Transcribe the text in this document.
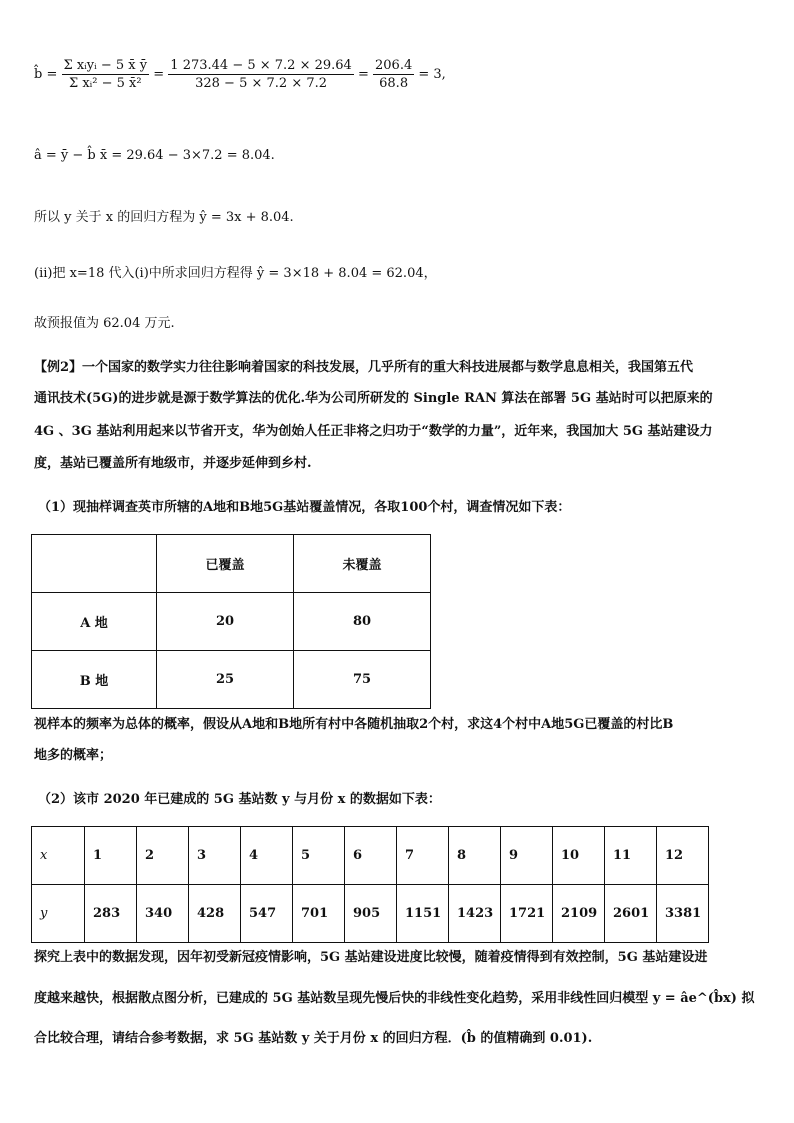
b̂ = $\frac{\text{Σ xᵢyᵢ − 5 x̄ ȳ}}{\text{Σ xᵢ² − 5 x̄²}} = \frac{1 273.44 - 5 \times 7.2 \times 29.64}{328 - 5 \times 7.2 \times 7.2} = \frac{206.4}{68.8} = 3$,
â = ȳ − b̂ x̄ = 29.64 − 3×7.2 = 8.04.
所以 y 关于 x 的回归方程为 ŷ = 3x + 8.04.
(ⅱ)把 x=18 代入(ⅰ)中所求回归方程得 ŷ = 3×18 + 8.04 = 62.04，
故预报值为 62.04 万元.
【例2】一个国家的数学实力往往影响着国家的科技发展，几乎所有的重大科技进展都与数学息息相关，我国第五代
通讯技术(5G)的进步就是源于数学算法的优化.华为公司所研发的 Single RAN 算法在部署 5G 基站时可以把原来的
4G 、3G 基站利用起来以节省开支，华为创始人任正非将之归功于“数学的力量”，近年来，我国加大 5G 基站建设力
度，基站已覆盖所有地级市，并逐步延伸到乡村.
（1）现抽样调查英市所辖的A地和B地5G基站覆盖情况，各取100个村，调查情况如下表：
	已覆盖	未覆盖
A 地	20	80
B 地	25	75
视样本的频率为总体的概率，假设从A地和B地所有村中各随机抽取2个村，求这4个村中A地5G已覆盖的村比B
地多的概率；
（2）该市 2020 年已建成的 5G 基站数 y 与月份 x 的数据如下表：
x	1	2	3	4	5	6	7	8	9	10	11	12
y	283	340	428	547	701	905	1151	1423	1721	2109	2601	3381
探究上表中的数据发现，因年初受新冠疫情影响，5G 基站建设进度比较慢，随着疫情得到有效控制，5G 基站建设进
度越来越快，根据散点图分析，已建成的 5G 基站数呈现先慢后快的非线性变化趋势，采用非线性回归模型 y = âe^(b̂x) 拟
合比较合理，请结合参考数据，求 5G 基站数 y 关于月份 x 的回归方程．(b̂ 的值精确到 0.01).
